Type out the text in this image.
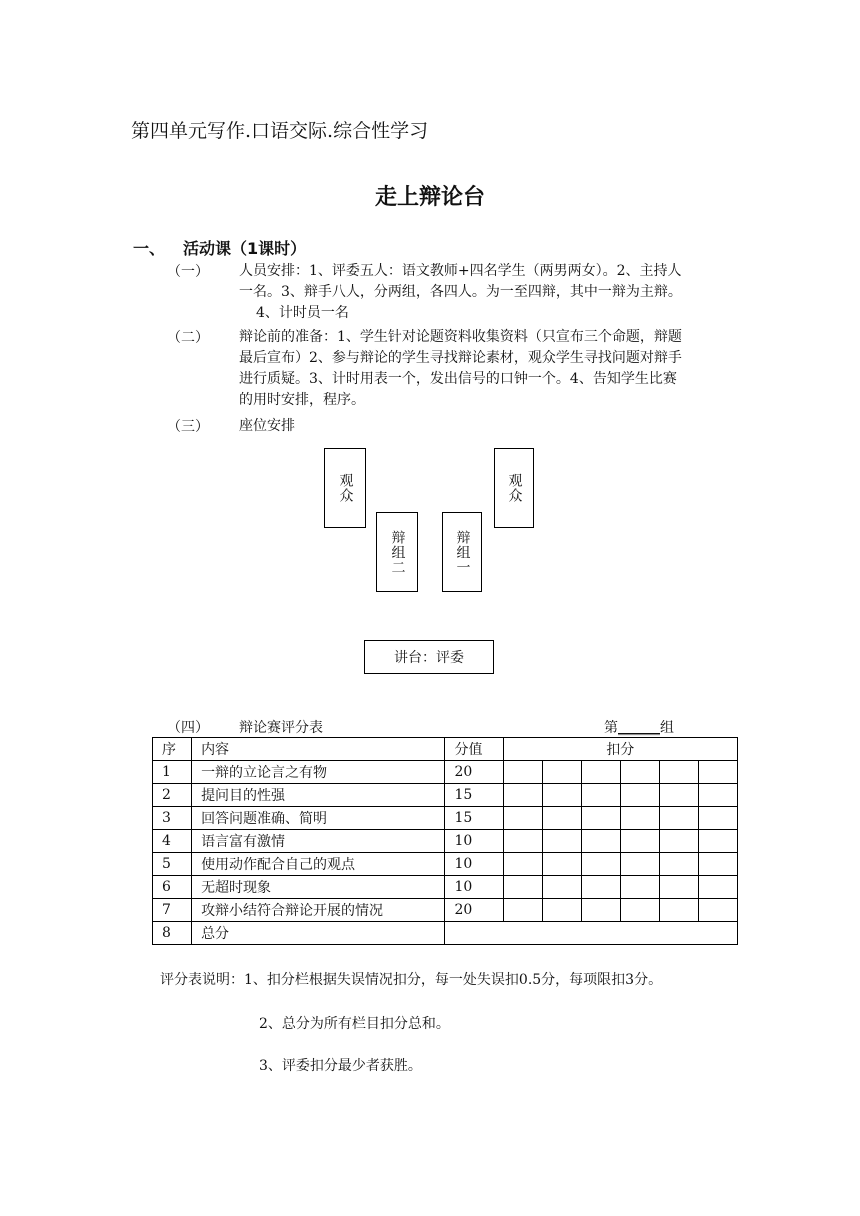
第四单元写作.口语交际.综合性学习
走上辩论台
一、 活动课（1课时）
（一） 人员安排：1、评委五人：语文教师+四名学生（两男两女）。2、主持人
一名。3、辩手八人，分两组，各四人。为一至四辩，其中一辩为主辩。
4、计时员一名
（二） 辩论前的准备：1、学生针对论题资料收集资料（只宣布三个命题，辩题
最后宣布）2、参与辩论的学生寻找辩论素材，观众学生寻找问题对辩手
进行质疑。3、计时用表一个，发出信号的口钟一个。4、告知学生比赛
的用时安排，程序。
（三） 座位安排
观众	观众
辩组二	辩组一
讲台：评委
（四） 辩论赛评分表	第______组
序	内容	分值	扣分					
1	一辩的立论言之有物	20						
2	提问目的性强	15						
3	回答问题准确、简明	15						
4	语言富有激情	10						
5	使用动作配合自己的观点	10						
6	无超时现象	10						
7	攻辩小结符合辩论开展的情况	20						
8	总分							
评分表说明：1、扣分栏根据失误情况扣分，每一处失误扣0.5分，每项限扣3分。
2、总分为所有栏目扣分总和。
3、评委扣分最少者获胜。
